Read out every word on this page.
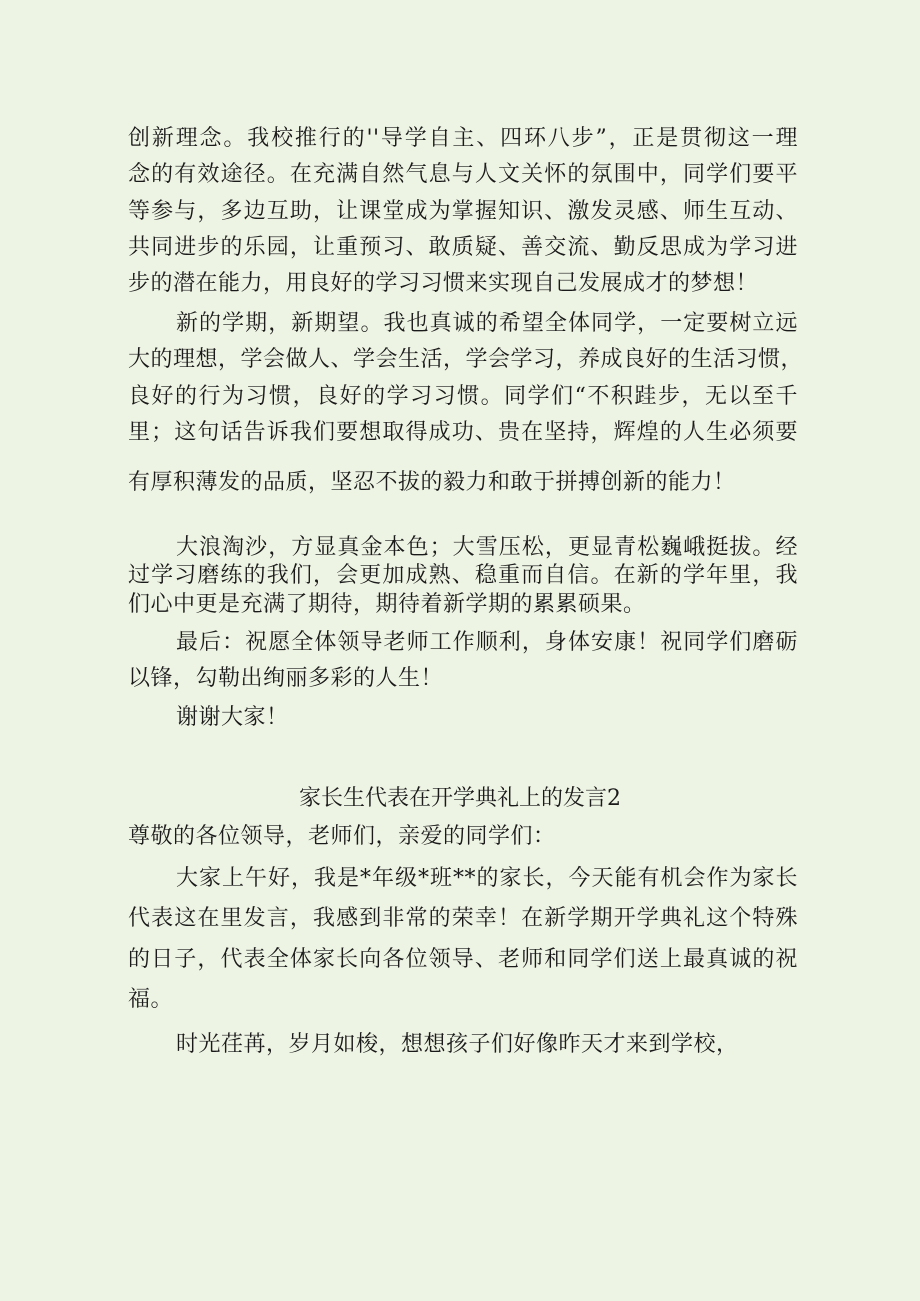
创新理念。我校推行的''导学自主、四环八步”，正是贯彻这一理
念的有效途径。在充满自然气息与人文关怀的氛围中，同学们要平
等参与，多边互助，让课堂成为掌握知识、激发灵感、师生互动、
共同进步的乐园，让重预习、敢质疑、善交流、勤反思成为学习进
步的潜在能力，用良好的学习习惯来实现自己发展成才的梦想！
新的学期，新期望。我也真诚的希望全体同学，一定要树立远
大的理想，学会做人、学会生活，学会学习，养成良好的生活习惯，
良好的行为习惯，良好的学习习惯。同学们“不积跬步，无以至千
里；这句话告诉我们要想取得成功、贵在坚持，辉煌的人生必须要
有厚积薄发的品质，坚忍不拔的毅力和敢于拼搏创新的能力！
大浪淘沙，方显真金本色；大雪压松，更显青松巍峨挺拔。经
过学习磨练的我们，会更加成熟、稳重而自信。在新的学年里，我
们心中更是充满了期待，期待着新学期的累累硕果。
最后：祝愿全体领导老师工作顺利，身体安康！祝同学们磨砺
以锋，勾勒出绚丽多彩的人生！
谢谢大家！
家长生代表在开学典礼上的发言2
尊敬的各位领导，老师们，亲爱的同学们：
大家上午好，我是*年级*班**的家长，今天能有机会作为家长
代表这在里发言，我感到非常的荣幸！在新学期开学典礼这个特殊
的日子，代表全体家长向各位领导、老师和同学们送上最真诚的祝
福。
时光荏苒，岁月如梭，想想孩子们好像昨天才来到学校，
